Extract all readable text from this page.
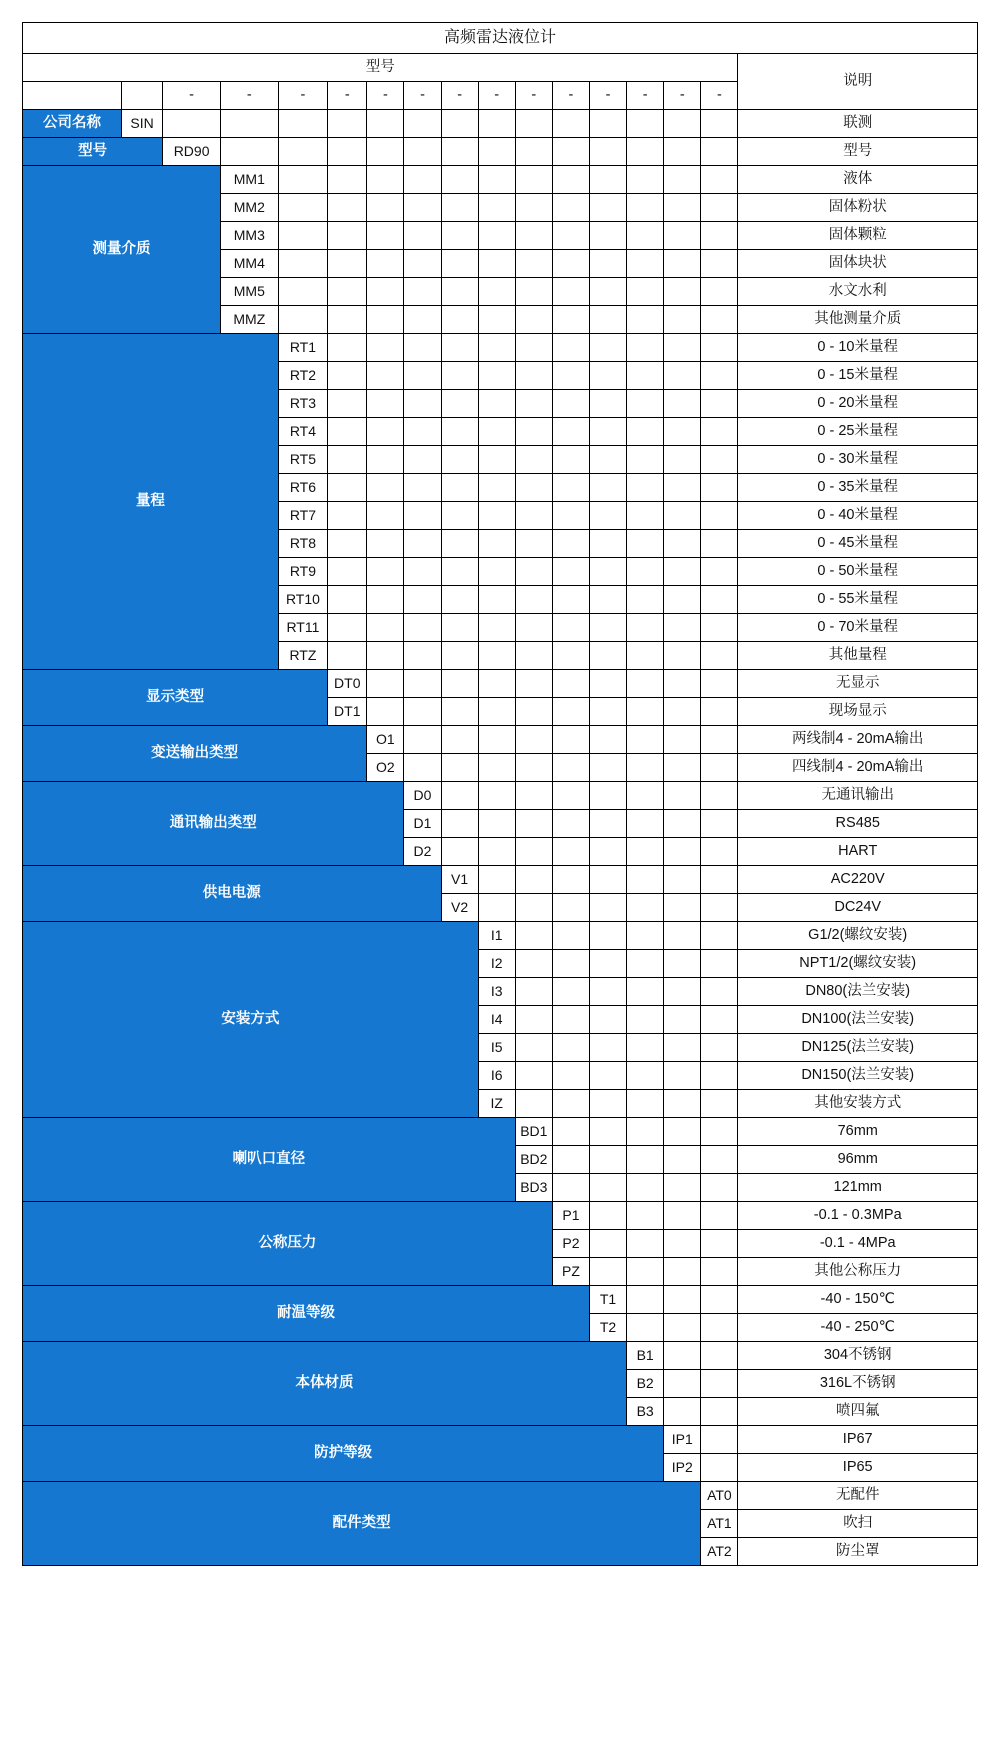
高频雷达液位计																
型号																说明
		-	-	-	-	-	-	-	-	-	-	-	-	-	-	
公司名称	SIN															联测
型号		RD90														型号
测量介质			MM1													液体
			MM2													固体粉状
			MM3													固体颗粒
			MM4													固体块状
			MM5													水文水利
			MMZ													其他测量介质
量程				RT1												0 - 10米量程
				RT2												0 - 15米量程
				RT3												0 - 20米量程
				RT4												0 - 25米量程
				RT5												0 - 30米量程
				RT6												0 - 35米量程
				RT7												0 - 40米量程
				RT8												0 - 45米量程
				RT9												0 - 50米量程
				RT10												0 - 55米量程
				RT11												0 - 70米量程
				RTZ												其他量程
显示类型					DT0											无显示
					DT1											现场显示
变送输出类型						O1										两线制4 - 20mA输出
						O2										四线制4 - 20mA输出
通讯输出类型							D0									无通讯输出
							D1									RS485
							D2									HART
供电电源								V1								AC220V
								V2								DC24V
安装方式									I1							G1/2(螺纹安装)
									I2							NPT1/2(螺纹安装)
									I3							DN80(法兰安装)
									I4							DN100(法兰安装)
									I5							DN125(法兰安装)
									I6							DN150(法兰安装)
									IZ							其他安装方式
喇叭口直径										BD1						76mm
										BD2						96mm
										BD3						121mm
公称压力											P1					-0.1 - 0.3MPa
											P2					-0.1 - 4MPa
											PZ					其他公称压力
耐温等级												T1				-40 - 150℃
												T2				-40 - 250℃
本体材质													B1			304不锈钢
													B2			316L不锈钢
													B3			喷四氟
防护等级														IP1		IP67
														IP2		IP65
配件类型															AT0	无配件
															AT1	吹扫
															AT2	防尘罩
